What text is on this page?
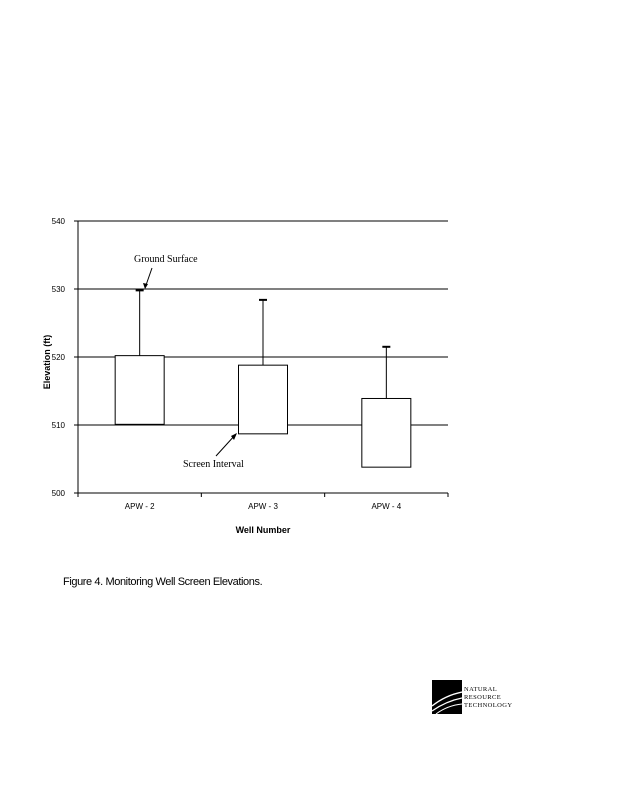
500
510
520
530
540
APW - 2	APW - 3	APW - 4
Elevation (ft)
Well Number
Ground Surface
Screen Interval
Figure 4. Monitoring Well Screen Elevations.
NATURAL
RESOURCE
TECHNOLOGY
